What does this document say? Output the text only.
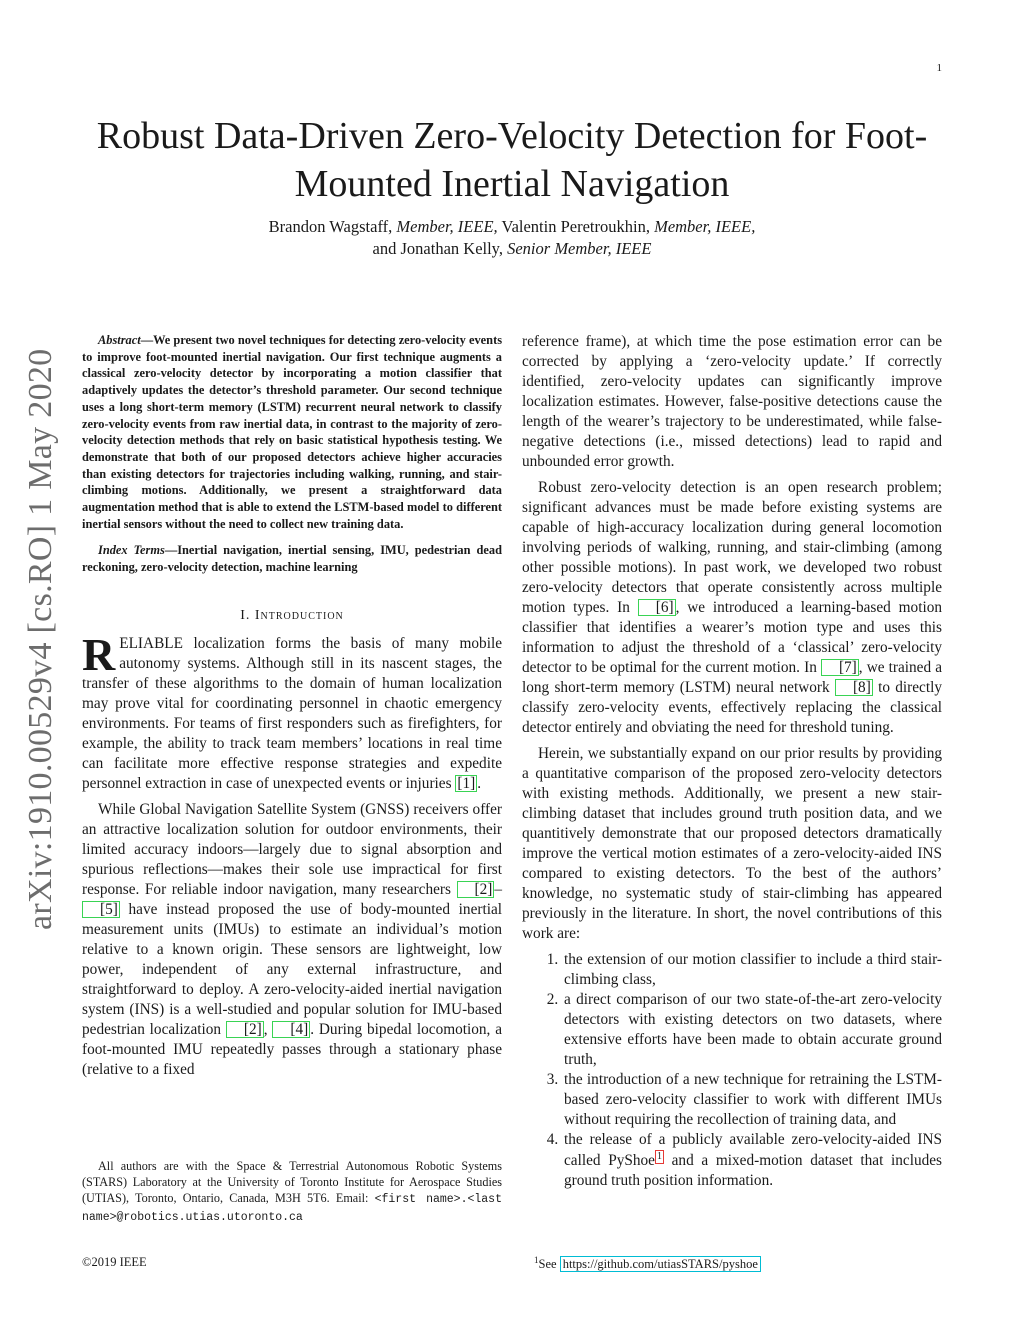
1
arXiv:1910.00529v4 [cs.RO] 1 May 2020
Robust Data-Driven Zero-Velocity Detection for Foot-Mounted Inertial Navigation
Brandon Wagstaff, Member, IEEE, Valentin Peretroukhin, Member, IEEE,
and Jonathan Kelly, Senior Member, IEEE

Abstract—We present two novel techniques for detecting zero-velocity events to improve foot-mounted inertial navigation. Our first technique augments a classical zero-velocity detector by incorporating a motion classifier that adaptively updates the detector’s threshold parameter. Our second technique uses a long short-term memory (LSTM) recurrent neural network to classify zero-velocity events from raw inertial data, in contrast to the majority of zero-velocity detection methods that rely on basic statistical hypothesis testing. We demonstrate that both of our proposed detectors achieve higher accuracies than existing detectors for trajectories including walking, running, and stair-climbing motions. Additionally, we present a straightforward data augmentation method that is able to extend the LSTM-based model to different inertial sensors without the need to collect new training data.

Index Terms—Inertial navigation, inertial sensing, IMU, pedestrian dead reckoning, zero-velocity detection, machine learning

I. Introduction

RELIABLE localization forms the basis of many mobile autonomy systems. Although still in its nascent stages, the transfer of these algorithms to the domain of human localization may prove vital for coordinating personnel in chaotic emergency environments. For teams of first responders such as firefighters, for example, the ability to track team members’ locations in real time can facilitate more effective response strategies and expedite personnel extraction in case of unexpected events or injuries [1] .

While Global Navigation Satellite System (GNSS) receivers offer an attractive localization solution for outdoor environments, their limited accuracy indoors—largely due to signal absorption and spurious reflections—makes their sole use impractical for first response. For reliable indoor navigation, many researchers [2] –[5] have instead proposed the use of body-mounted inertial measurement units (IMUs) to estimate an individual’s motion relative to a known origin. These sensors are lightweight, low power, independent of any external infrastructure, and straightforward to deploy. A zero-velocity-aided inertial navigation system (INS) is a well-studied and popular solution for IMU-based pedestrian localization [2] , [4] . During bipedal locomotion, a foot-mounted IMU repeatedly passes through a stationary phase (relative to a fixed

All authors are with the Space & Terrestrial Autonomous Robotic Systems (STARS) Laboratory at the University of Toronto Institute for Aerospace Studies (UTIAS), Toronto, Ontario, Canada, M3H 5T6. Email: <first name>.<last name>@robotics.utias.utoronto.ca

reference frame), at which time the pose estimation error can be corrected by applying a ‘zero-velocity update.’ If correctly identified, zero-velocity updates can significantly improve localization estimates. However, false-positive detections cause the length of the wearer’s trajectory to be underestimated, while false-negative detections (i.e., missed detections) lead to rapid and unbounded error growth.

Robust zero-velocity detection is an open research problem; significant advances must be made before existing systems are capable of high-accuracy localization during general locomotion involving periods of walking, running, and stair-climbing (among other possible motions). In past work, we developed two robust zero-velocity detectors that operate consistently across multiple motion types. In [6] , we introduced a learning-based motion classifier that identifies a wearer’s motion type and uses this information to adjust the threshold of a ‘classical’ zero-velocity detector to be optimal for the current motion. In [7] , we trained a long short-term memory (LSTM) neural network [8] to directly classify zero-velocity events, effectively replacing the classical detector entirely and obviating the need for threshold tuning.

Herein, we substantially expand on our prior results by providing a quantitative comparison of the proposed zero-velocity detectors with existing methods. Additionally, we present a new stair-climbing dataset that includes ground truth position data, and we quantitively demonstrate that our proposed detectors dramatically improve the vertical motion estimates of a zero-velocity-aided INS compared to existing detectors. To the best of the authors’ knowledge, no systematic study of stair-climbing has appeared previously in the literature. In short, the novel contributions of this work are:

1. the extension of our motion classifier to include a third stair-climbing class,
2. a direct comparison of our two state-of-the-art zero-velocity detectors with existing detectors on two datasets, where extensive efforts have been made to obtain accurate ground truth,
3. the introduction of a new technique for retraining the LSTM-based zero-velocity classifier to work with different IMUs without requiring the recollection of training data, and
4. the release of a publicly available zero-velocity-aided INS called PyShoe 1 and a mixed-motion dataset that includes ground truth position information.
©2019 IEEE	$^1$See https://github.com/utiasSTARS/pyshoe
